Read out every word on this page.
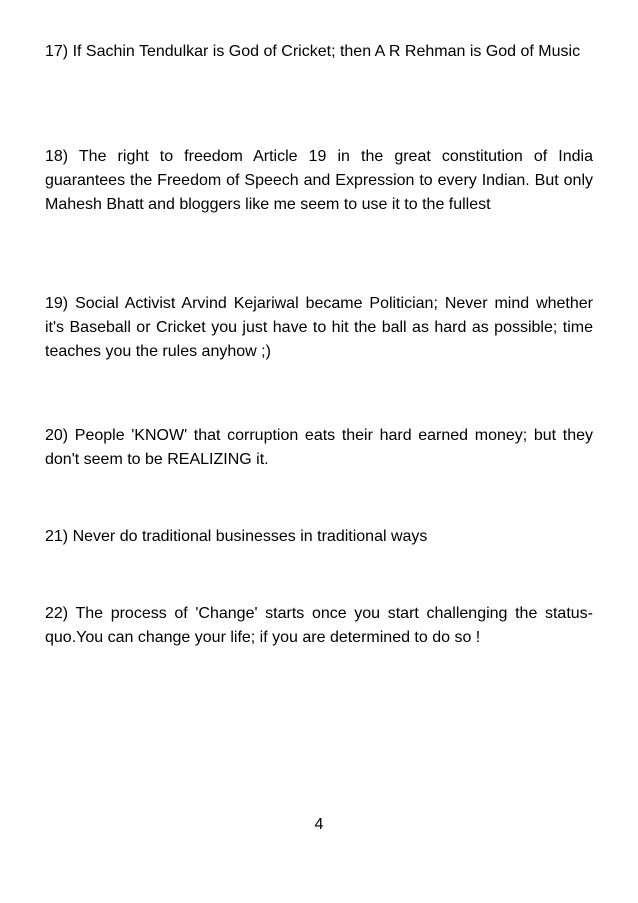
17) If Sachin Tendulkar is God of Cricket; then A R Rehman is God of Music

18) The right to freedom Article 19 in the great constitution of India guarantees the Freedom of Speech and Expression to every Indian. But only Mahesh Bhatt and bloggers like me seem to use it to the fullest

19) Social Activist Arvind Kejariwal became Politician; Never mind whether it's Baseball or Cricket you just have to hit the ball as hard as possible; time teaches you the rules anyhow ;)

20) People 'KNOW' that corruption eats their hard earned money; but they don't seem to be REALIZING it.

21) Never do traditional businesses in traditional ways

22) The process of 'Change' starts once you start challenging the status-quo.You can change your life; if you are determined to do so !

4
